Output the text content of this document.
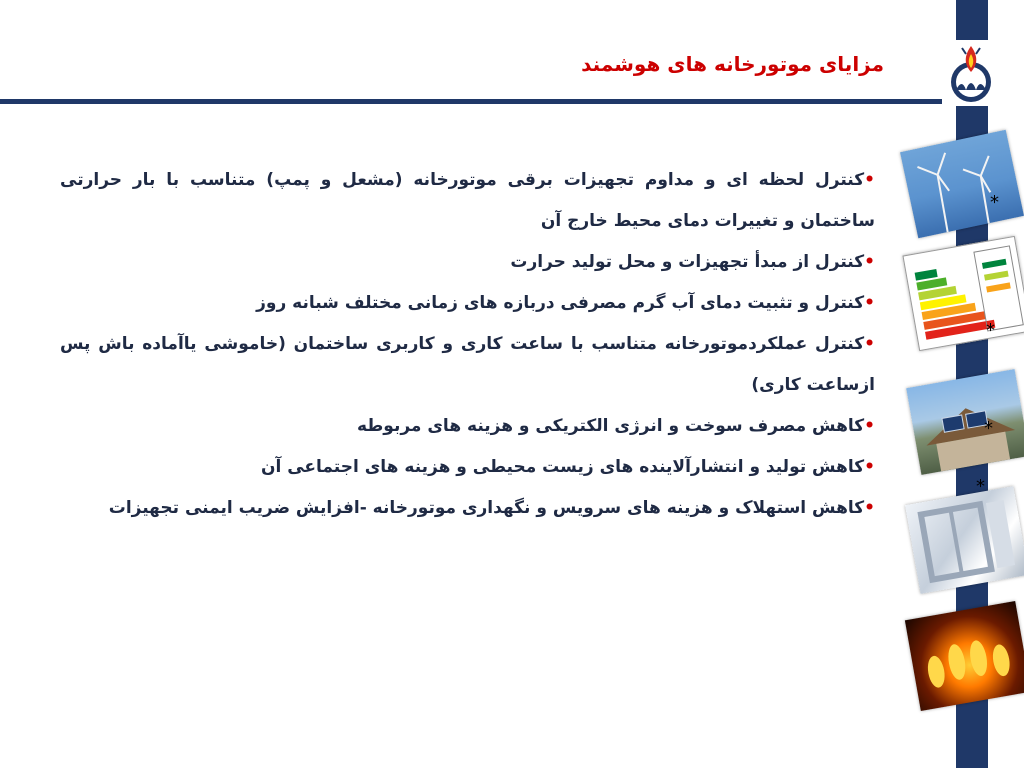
مزایای موتورخانه های هوشمند
*
*
*
*

•کنترل لحظه ای و مداوم تجهیزات برقی موتورخانه (مشعل و پمپ) متناسب با بار حرارتی ساختمان و تغییرات دمای محیط خارج آن

•کنترل از مبدأ تجهیزات و محل تولید حرارت

•کنترل و تثبیت دمای آب گرم مصرفی دربازه های زمانی مختلف شبانه روز

•کنترل عملکردموتورخانه متناسب با ساعت کاری و کاربری ساختمان (خاموشی یاآماده باش پس ازساعت کاری)

•کاهش مصرف سوخت و انرژی الکتریکی و هزینه های مربوطه

•کاهش تولید و انتشارآلاینده های زیست محیطی و هزینه های اجتماعی آن

•کاهش استهلاک و هزینه های سرویس و نگهداری موتورخانه -افزایش ضریب ایمنی تجهیزات
